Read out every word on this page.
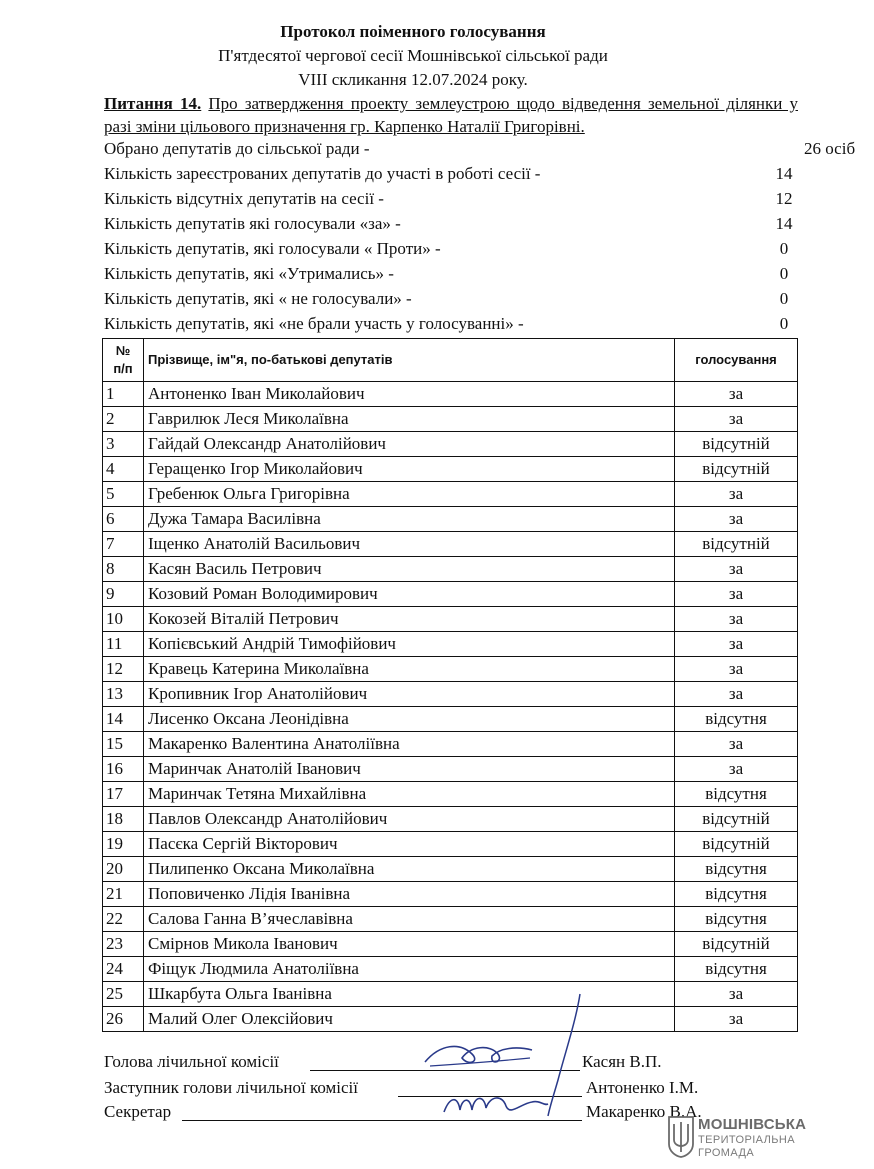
Протокол поіменного голосування
П'ятдесятої чергової сесії Мошнівської сільської ради
VIII скликання 12.07.2024 року.
Питання 14. Про затвердження проекту землеустрою щодо відведення земельної ділянки у разі зміни цільового призначення гр. Карпенко Наталії Григорівні.
Обрано депутатів до сільської ради -	26 осіб
Кількість зареєстрованих депутатів до участі в роботі сесії -	14
Кількість відсутніх депутатів на сесії -	12
Кількість депутатів які голосували «за» -	14
Кількість депутатів, які голосували « Проти» -	0
Кількість депутатів, які «Утримались» -	0
Кількість депутатів, які « не голосували» -	0
Кількість депутатів, які «не брали участь у голосуванні» -	0
№
п/п	Прізвище, ім"я, по-батькові депутатів	голосування
1	Антоненко Іван Миколайович	за
2	Гаврилюк Леся Миколаївна	за
3	Гайдай Олександр Анатолійович	відсутній
4	Геращенко Ігор Миколайович	відсутній
5	Гребенюк Ольга Григорівна	за
6	Дужа Тамара Василівна	за
7	Іщенко Анатолій Васильович	відсутній
8	Касян Василь Петрович	за
9	Козовий Роман Володимирович	за
10	Кокозей Віталій Петрович	за
11	Копієвський Андрій Тимофійович	за
12	Кравець Катерина Миколаївна	за
13	Кропивник Ігор Анатолійович	за
14	Лисенко Оксана Леонідівна	відсутня
15	Макаренко Валентина Анатоліївна	за
16	Маринчак Анатолій Іванович	за
17	Маринчак Тетяна Михайлівна	відсутня
18	Павлов Олександр Анатолійович	відсутній
19	Пасєка Сергій Вікторович	відсутній
20	Пилипенко Оксана Миколаївна	відсутня
21	Поповиченко Лідія Іванівна	відсутня
22	Салова Ганна В’ячеславівна	відсутня
23	Смірнов Микола Іванович	відсутній
24	Фіщук Людмила Анатоліївна	відсутня
25	Шкарбута Ольга Іванівна	за
26	Малий Олег Олексійович	за
Голова лічильної комісії	Касян В.П.
Заступник голови лічильної комісії	Антоненко І.М.
Секретар	Макаренко В.А.
МОШНІВСЬКА
ТЕРИТОРІАЛЬНА
ГРОМАДА
